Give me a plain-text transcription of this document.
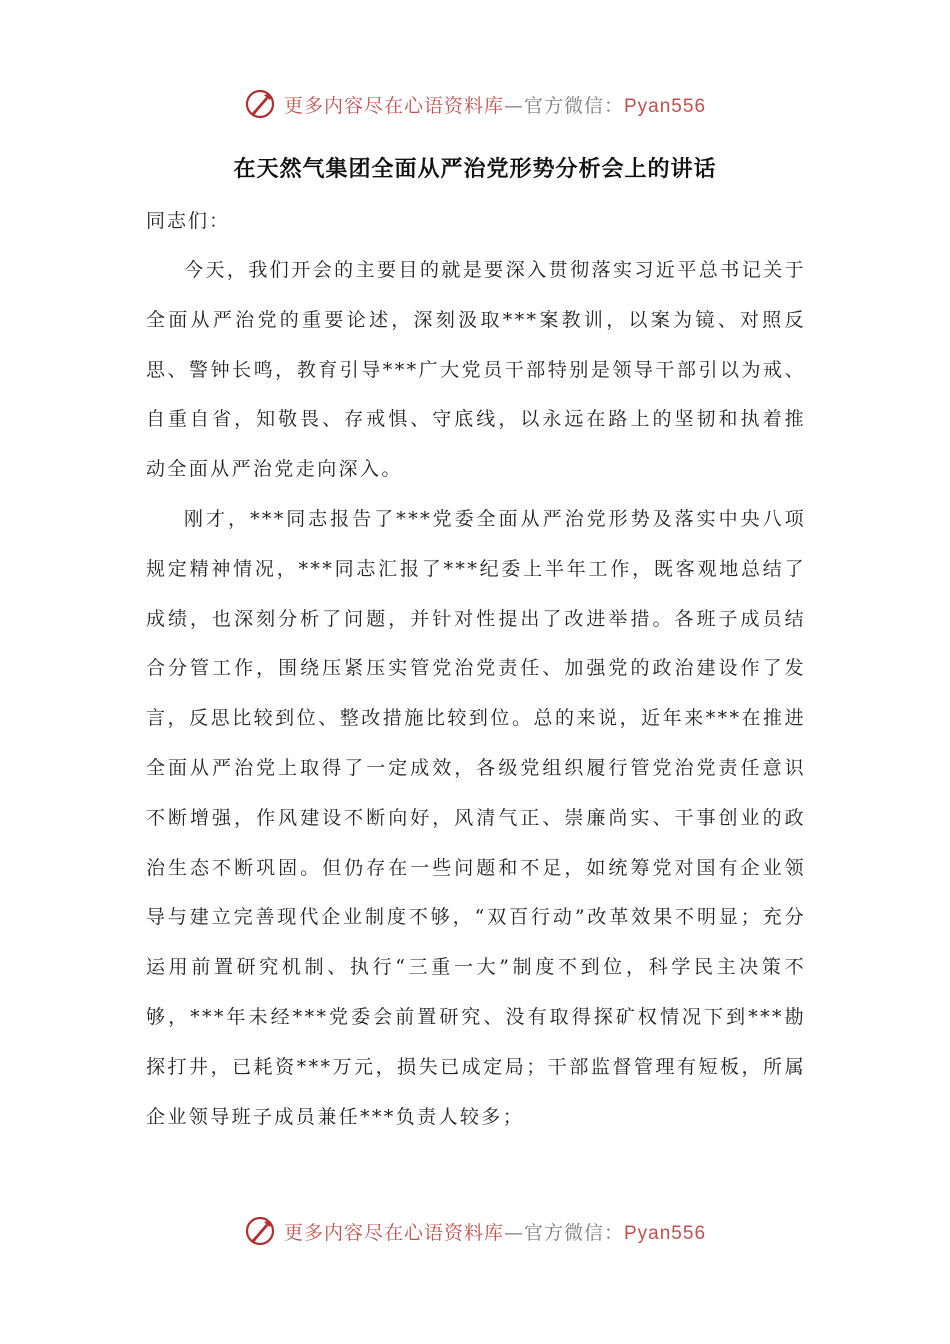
更多内容尽在心语资料库—官方微信：Pyan556
在天然气集团全面从严治党形势分析会上的讲话

同志们：

今天，我们开会的主要目的就是要深入贯彻落实习近平总书记关于全面从严治党的重要论述，深刻汲取***案教训，以案为镜、对照反思、警钟长鸣，教育引导***广大党员干部特别是领导干部引以为戒、自重自省，知敬畏、存戒惧、守底线，以永远在路上的坚韧和执着推动全面从严治党走向深入。

刚才，***同志报告了***党委全面从严治党形势及落实中央八项规定精神情况，***同志汇报了***纪委上半年工作，既客观地总结了成绩，也深刻分析了问题，并针对性提出了改进举措。各班子成员结合分管工作，围绕压紧压实管党治党责任、加强党的政治建设作了发言，反思比较到位、整改措施比较到位。总的来说，近年来***在推进全面从严治党上取得了一定成效，各级党组织履行管党治党责任意识不断增强，作风建设不断向好，风清气正、崇廉尚实、干事创业的政治生态不断巩固。但仍存在一些问题和不足，如统筹党对国有企业领导与建立完善现代企业制度不够，“双百行动”改革效果不明显；充分运用前置研究机制、执行“三重一大”制度不到位，科学民主决策不够，***年未经***党委会前置研究、没有取得探矿权情况下到***勘探打井，已耗资***万元，损失已成定局；干部监督管理有短板，所属企业领导班子成员兼任***负责人较多；

更多内容尽在心语资料库—官方微信：Pyan556
